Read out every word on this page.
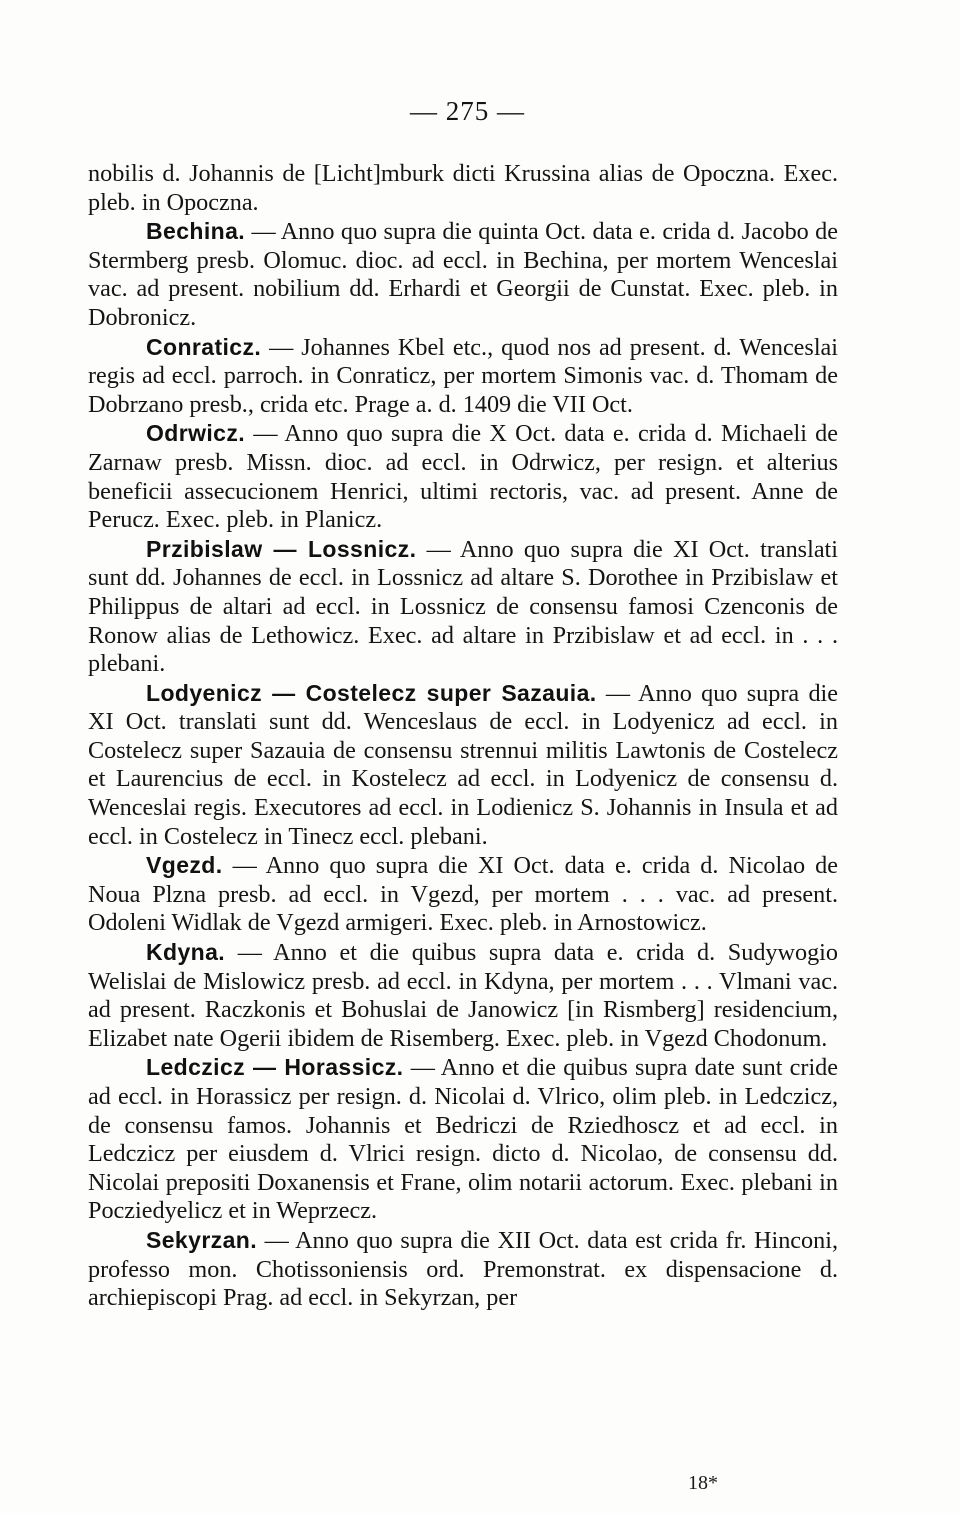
— 275 —

nobilis d. Johannis de [Licht]mburk dicti Krussina alias de Opoczna. Exec. pleb. in Opoczna.

Bechina. — Anno quo supra die quinta Oct. data e. crida d. Jacobo de Stermberg presb. Olomuc. dioc. ad eccl. in Bechina, per mortem Wenceslai vac. ad present. nobilium dd. Erhardi et Georgii de Cunstat. Exec. pleb. in Dobronicz.

Conraticz. — Johannes Kbel etc., quod nos ad present. d. Wenceslai regis ad eccl. parroch. in Conraticz, per mortem Simonis vac. d. Thomam de Dobrzano presb., crida etc. Prage a. d. 1409 die VII Oct.

Odrwicz. — Anno quo supra die X Oct. data e. crida d. Michaeli de Zarnaw presb. Missn. dioc. ad eccl. in Odrwicz, per resign. et alterius beneficii assecucionem Henrici, ultimi rectoris, vac. ad present. Anne de Perucz. Exec. pleb. in Planicz.

Przibislaw — Lossnicz. — Anno quo supra die XI Oct. translati sunt dd. Johannes de eccl. in Lossnicz ad altare S. Dorothee in Przibislaw et Philippus de altari ad eccl. in Lossnicz de consensu famosi Czenconis de Ronow alias de Lethowicz. Exec. ad altare in Przibislaw et ad eccl. in . . . plebani.

Lodyenicz — Costelecz super Sazauia. — Anno quo supra die XI Oct. translati sunt dd. Wenceslaus de eccl. in Lodyenicz ad eccl. in Costelecz super Sazauia de consensu strennui militis Lawtonis de Costelecz et Laurencius de eccl. in Kostelecz ad eccl. in Lodyenicz de consensu d. Wenceslai regis. Executores ad eccl. in Lodienicz S. Johannis in Insula et ad eccl. in Costelecz in Tinecz eccl. plebani.

Vgezd. — Anno quo supra die XI Oct. data e. crida d. Nicolao de Noua Plzna presb. ad eccl. in Vgezd, per mortem . . . vac. ad present. Odoleni Widlak de Vgezd armigeri. Exec. pleb. in Arnostowicz.

Kdyna. — Anno et die quibus supra data e. crida d. Sudywogio Welislai de Mislowicz presb. ad eccl. in Kdyna, per mortem . . . Vlmani vac. ad present. Raczkonis et Bohuslai de Janowicz [in Rismberg] residencium, Elizabet nate Ogerii ibidem de Risemberg. Exec. pleb. in Vgezd Chodonum.

Ledczicz — Horassicz. — Anno et die quibus supra date sunt cride ad eccl. in Horassicz per resign. d. Nicolai d. Vlrico, olim pleb. in Ledczicz, de consensu famos. Johannis et Bedriczi de Rziedhoscz et ad eccl. in Ledczicz per eiusdem d. Vlrici resign. dicto d. Nicolao, de consensu dd. Nicolai prepositi Doxanensis et Frane, olim notarii actorum. Exec. plebani in Pocziedyelicz et in Weprzecz.

Sekyrzan. — Anno quo supra die XII Oct. data est crida fr. Hinconi, professo mon. Chotissoniensis ord. Premonstrat. ex dispensacione d. archiepiscopi Prag. ad eccl. in Sekyrzan, per

18*
